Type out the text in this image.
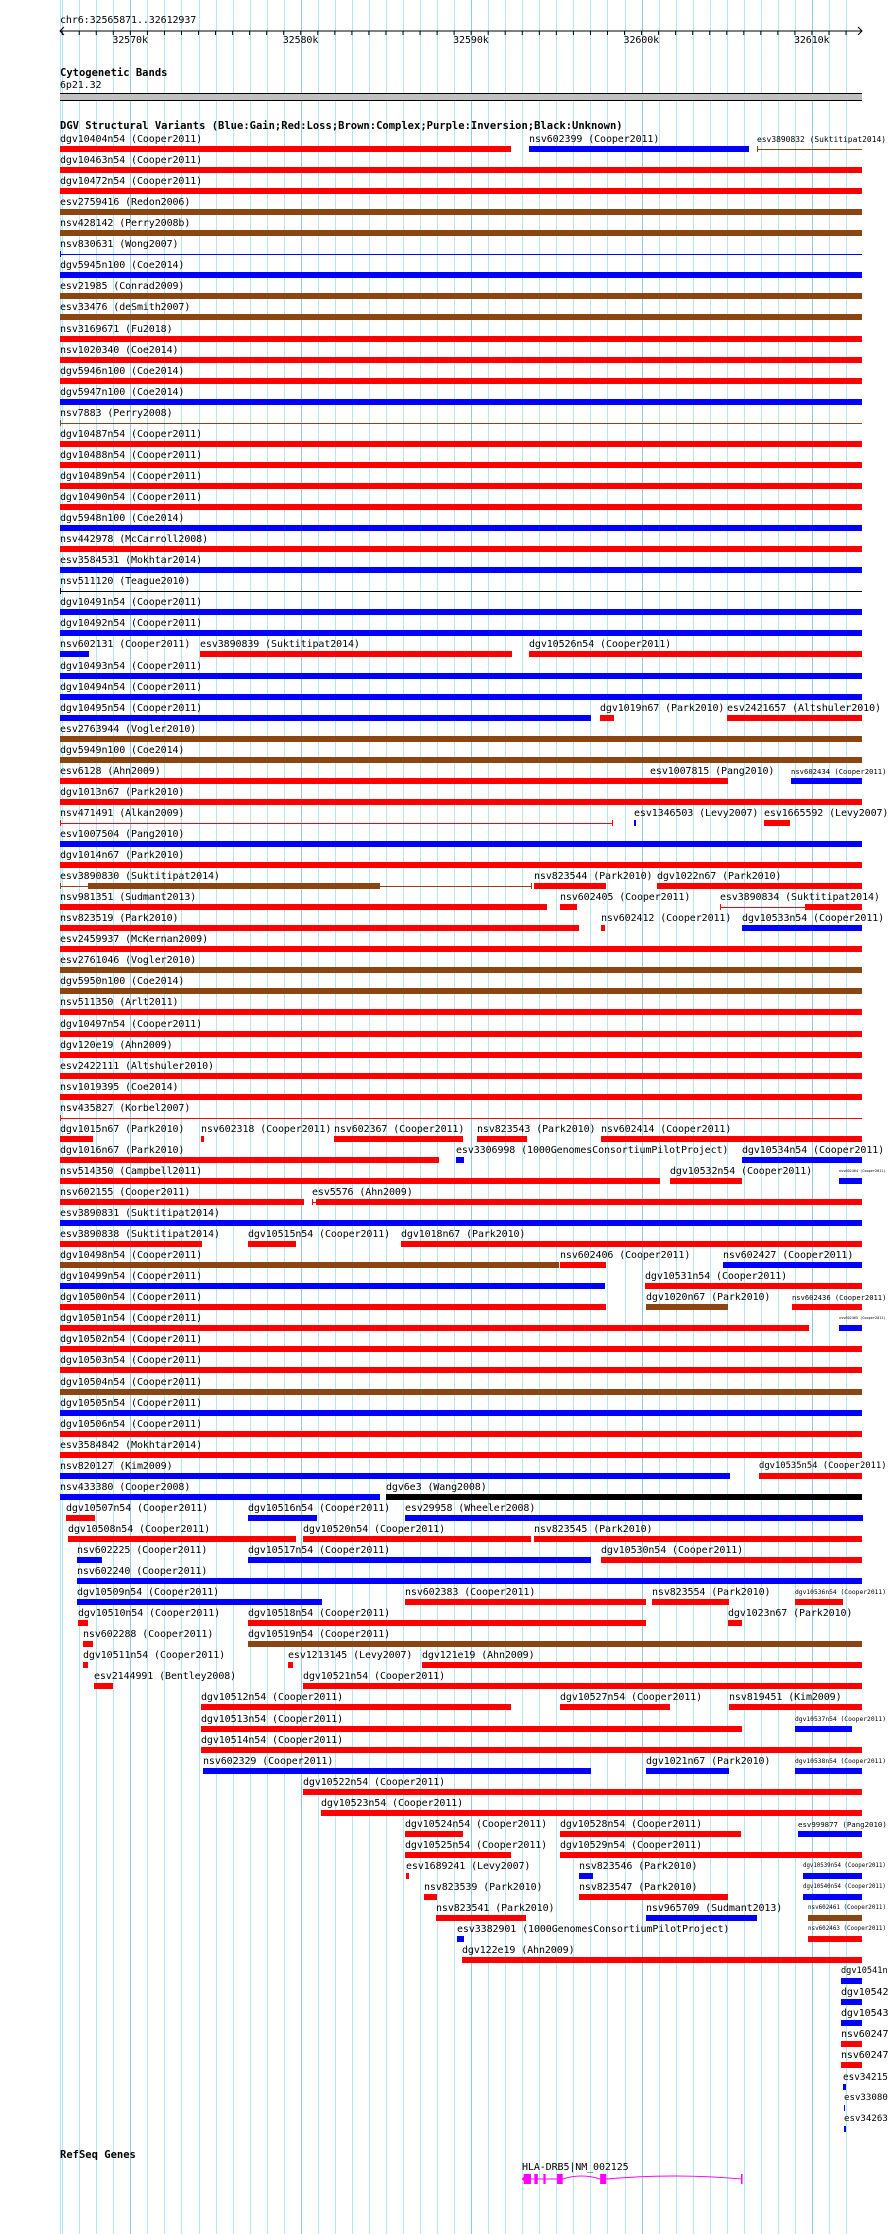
chr6:32565871..32612937
32570k	32580k	32590k	32600k	32610k
Cytogenetic Bands
6p21.32
DGV Structural Variants (Blue:Gain;Red:Loss;Brown:Complex;Purple:Inversion;Black:Unknown)
dgv10404n54 (Cooper2011)	nsv602399 (Cooper2011)	esv3890832 (Suktitipat2014)
dgv10463n54 (Cooper2011)
dgv10472n54 (Cooper2011)
esv2759416 (Redon2006)
nsv428142 (Perry2008b)
nsv830631 (Wong2007)
dgv5945n100 (Coe2014)
esv21985 (Conrad2009)
esv33476 (deSmith2007)
nsv3169671 (Fu2018)
nsv1020340 (Coe2014)
dgv5946n100 (Coe2014)
dgv5947n100 (Coe2014)
nsv7883 (Perry2008)
dgv10487n54 (Cooper2011)
dgv10488n54 (Cooper2011)
dgv10489n54 (Cooper2011)
dgv10490n54 (Cooper2011)
dgv5948n100 (Coe2014)
nsv442978 (McCarroll2008)
esv3584531 (Mokhtar2014)
nsv511120 (Teague2010)
dgv10491n54 (Cooper2011)
dgv10492n54 (Cooper2011)
nsv602131 (Cooper2011) esv3890839 (Suktitipat2014)	dgv10526n54 (Cooper2011)
dgv10493n54 (Cooper2011)
dgv10494n54 (Cooper2011)
dgv10495n54 (Cooper2011)	dgv1019n67 (Park2010) esv2421657 (Altshuler2010)
esv2763944 (Vogler2010)
dgv5949n100 (Coe2014)
esv6128 (Ahn2009)	esv1007815 (Pang2010) nsv602434 (Cooper2011)
dgv1013n67 (Park2010)
nsv471491 (Alkan2009)	esv1346503 (Levy2007) esv1665592 (Levy2007)
esv1007504 (Pang2010)
dgv1014n67 (Park2010)
esv3890830 (Suktitipat2014)	nsv823544 (Park2010) dgv1022n67 (Park2010)
nsv981351 (Sudmant2013)	nsv602405 (Cooper2011)	esv3890834 (Suktitipat2014)
nsv823519 (Park2010)	nsv602412 (Cooper2011) dgv10533n54 (Cooper2011)
esv2459937 (McKernan2009)
esv2761046 (Vogler2010)
dgv5950n100 (Coe2014)
nsv511350 (Arlt2011)
dgv10497n54 (Cooper2011)
dgv120e19 (Ahn2009)
esv2422111 (Altshuler2010)
nsv1019395 (Coe2014)
nsv435827 (Korbel2007)
dgv1015n67 (Park2010) nsv602318 (Cooper2011) nsv602367 (Cooper2011) nsv823543 (Park2010) nsv602414 (Cooper2011)
dgv1016n67 (Park2010)	esv3306998 (1000GenomesConsortiumPilotProject) dgv10534n54 (Cooper2011)
nsv514350 (Campbell2011)	dgv10532n54 (Cooper2011)	nsv602464 (Cooper2011)
nsv602155 (Cooper2011)	esv5576 (Ahn2009)
esv3890831 (Suktitipat2014)
esv3890838 (Suktitipat2014)	dgv10515n54 (Cooper2011) dgv1018n67 (Park2010)
dgv10498n54 (Cooper2011)	nsv602406 (Cooper2011)	nsv602427 (Cooper2011)
dgv10499n54 (Cooper2011)	dgv10531n54 (Cooper2011)
dgv10500n54 (Cooper2011)	dgv1020n67 (Park2010)	nsv602436 (Cooper2011)
dgv10501n54 (Cooper2011)	nsv602465 (Cooper2011)
dgv10502n54 (Cooper2011)
dgv10503n54 (Cooper2011)
dgv10504n54 (Cooper2011)
dgv10505n54 (Cooper2011)
dgv10506n54 (Cooper2011)
esv3584842 (Mokhtar2014)
nsv820127 (Kim2009)	dgv10535n54 (Cooper2011)
nsv433380 (Cooper2008)	dgv6e3 (Wang2008)
dgv10507n54 (Cooper2011)	dgv10516n54 (Cooper2011) esv29958 (Wheeler2008)
dgv10508n54 (Cooper2011)	dgv10520n54 (Cooper2011)	nsv823545 (Park2010)
nsv602225 (Cooper2011)	dgv10517n54 (Cooper2011)	dgv10530n54 (Cooper2011)
nsv602240 (Cooper2011)
dgv10509n54 (Cooper2011)	nsv602383 (Cooper2011)	nsv823554 (Park2010)	dgv10536n54 (Cooper2011)
dgv10510n54 (Cooper2011)	dgv10518n54 (Cooper2011)	dgv1023n67 (Park2010)
nsv602288 (Cooper2011)	dgv10519n54 (Cooper2011)
dgv10511n54 (Cooper2011)	esv1213145 (Levy2007) dgv121e19 (Ahn2009)
esv2144991 (Bentley2008)	dgv10521n54 (Cooper2011)
dgv10512n54 (Cooper2011)	dgv10527n54 (Cooper2011)	nsv819451 (Kim2009)
dgv10513n54 (Cooper2011)	dgv10537n54 (Cooper2011)
dgv10514n54 (Cooper2011)
nsv602329 (Cooper2011)	dgv1021n67 (Park2010)	dgv10538n54 (Cooper2011)
dgv10522n54 (Cooper2011)
dgv10523n54 (Cooper2011)
dgv10524n54 (Cooper2011) dgv10528n54 (Cooper2011)	esv999877 (Pang2010)
dgv10525n54 (Cooper2011) dgv10529n54 (Cooper2011)
esv1689241 (Levy2007)	nsv823546 (Park2010)	dgv10539n54 (Cooper2011)
nsv823539 (Park2010)	nsv823547 (Park2010)	dgv10540n54 (Cooper2011)
nsv823541 (Park2010)	nsv965709 (Sudmant2013)	nsv602461 (Cooper2011)
esv3382901 (1000GenomesConsortiumPilotProject)	nsv602463 (Cooper2011)
dgv122e19 (Ahn2009)
dgv10541n
dgv10542
dgv10543
nsv60247
nsv60247
esv34215
esv33080
esv34263
RefSeq Genes
HLA-DRB5|NM_002125
